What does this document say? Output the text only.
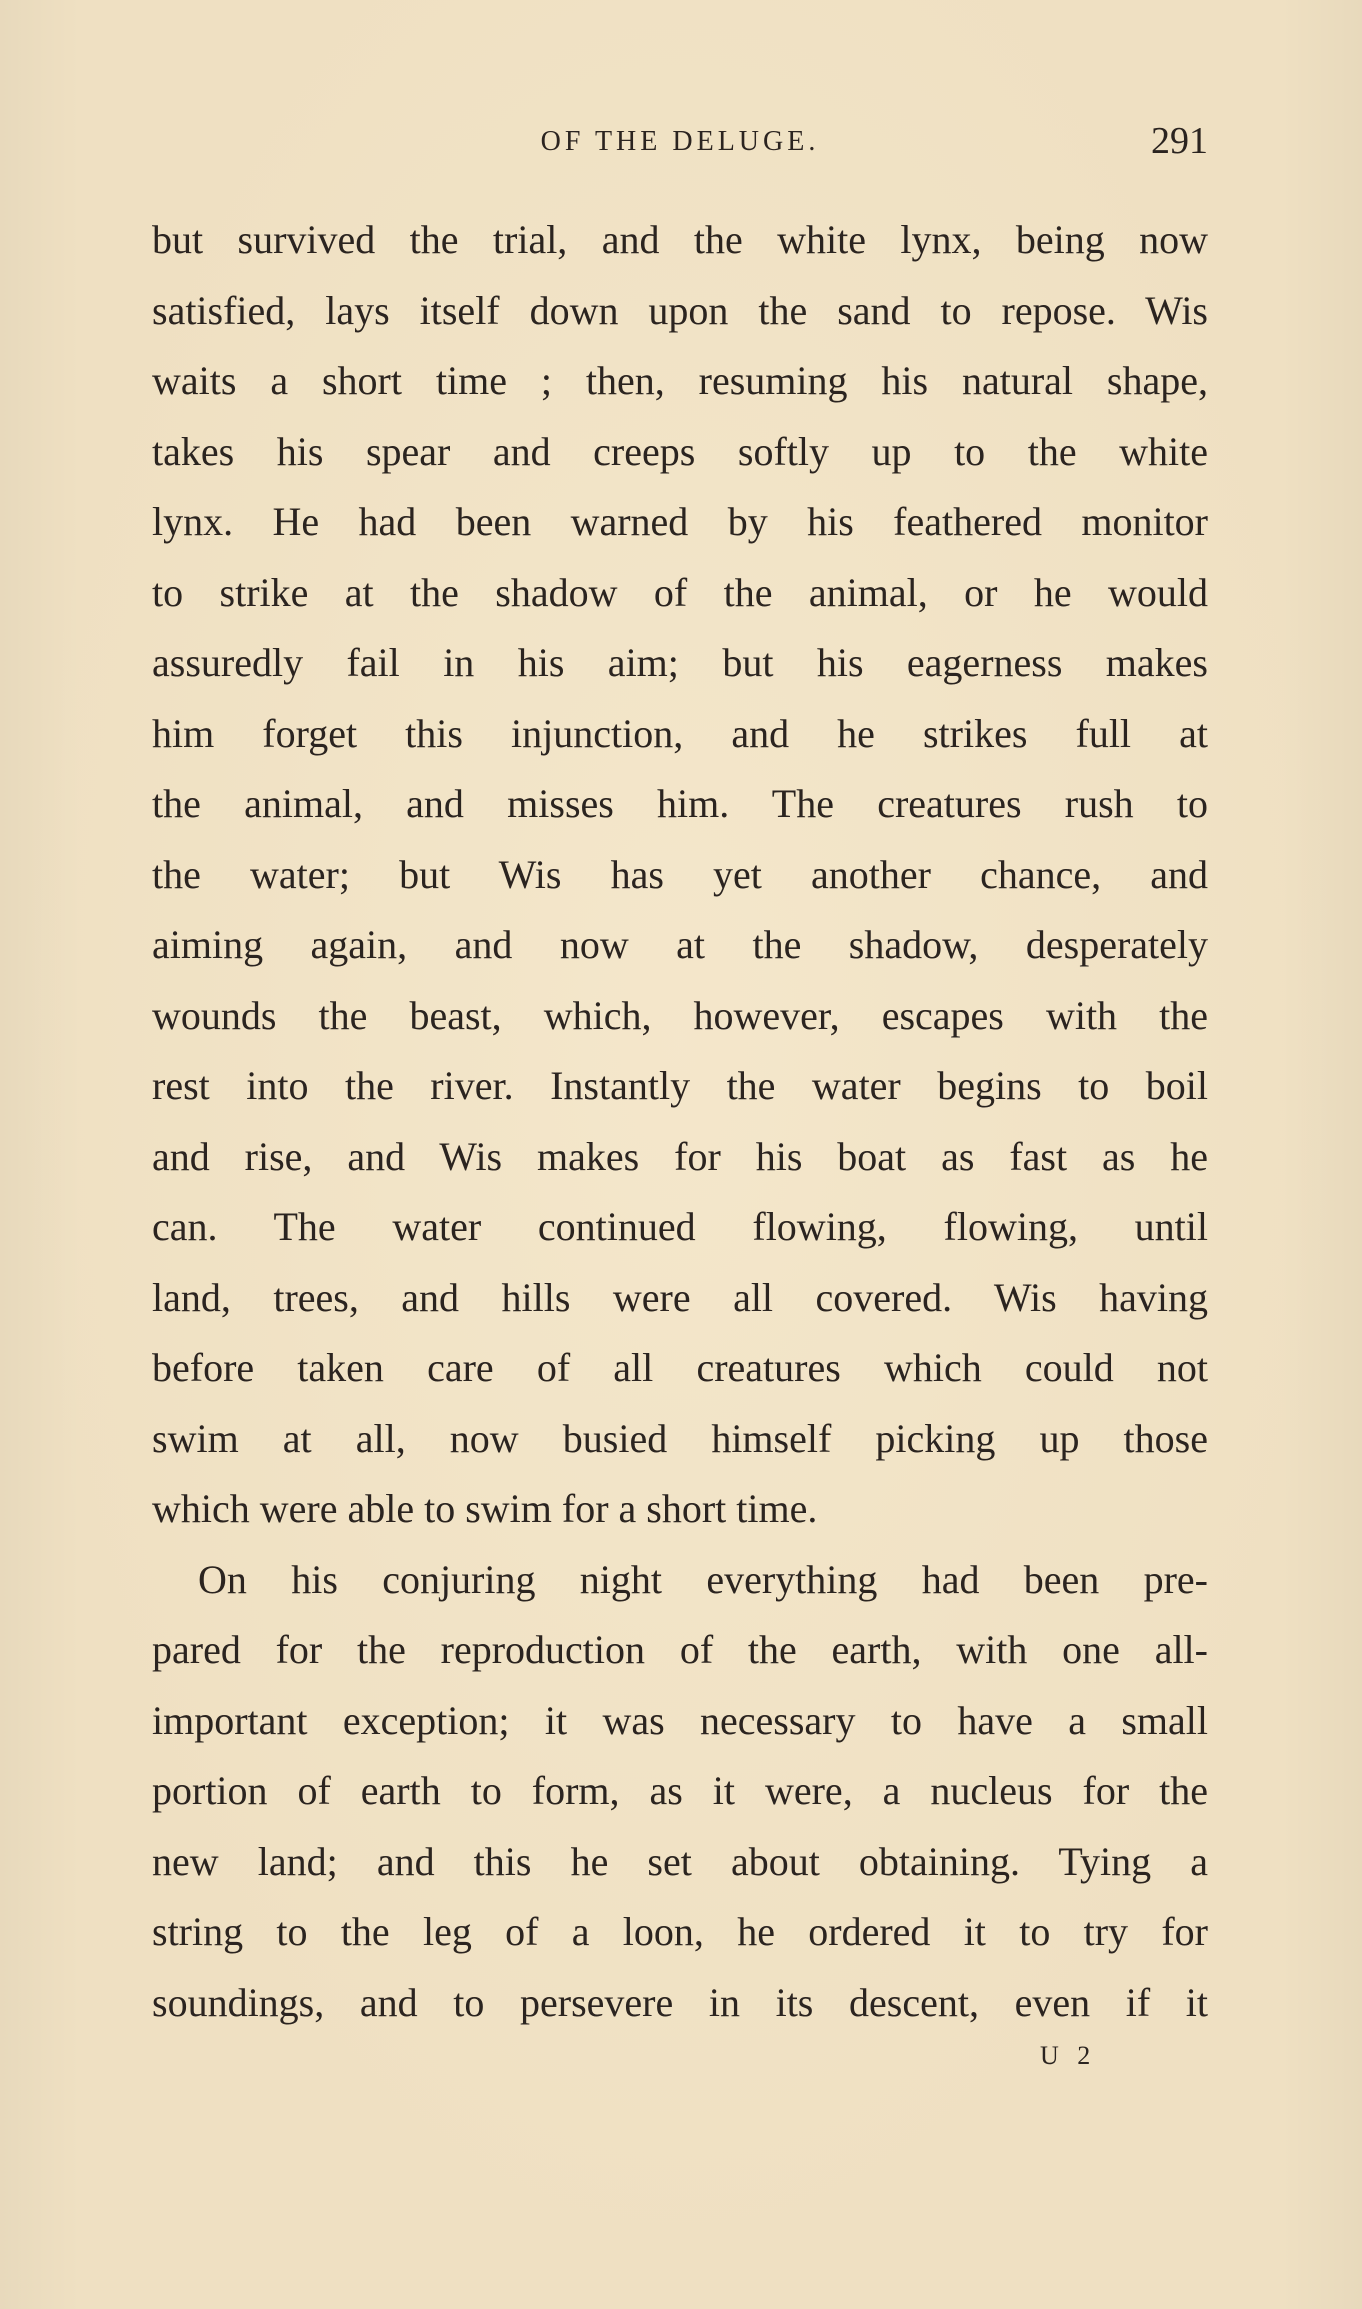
OF THE DELUGE.	291
but survived the trial, and the white lynx, being now
satisfied, lays itself down upon the sand to repose. Wis
waits a short time ; then, resuming his natural shape,
takes his spear and creeps softly up to the white
lynx. He had been warned by his feathered monitor
to strike at the shadow of the animal, or he would
assuredly fail in his aim; but his eagerness makes
him forget this injunction, and he strikes full at
the animal, and misses him. The creatures rush to
the water; but Wis has yet another chance, and
aiming again, and now at the shadow, desperately
wounds the beast, which, however, escapes with the
rest into the river. Instantly the water begins to boil
and rise, and Wis makes for his boat as fast as he
can. The water continued flowing, flowing, until
land, trees, and hills were all covered. Wis having
before taken care of all creatures which could not
swim at all, now busied himself picking up those
which were able to swim for a short time.
On his conjuring night everything had been pre-
pared for the reproduction of the earth, with one all-
important exception; it was necessary to have a small
portion of earth to form, as it were, a nucleus for the
new land; and this he set about obtaining. Tying a
string to the leg of a loon, he ordered it to try for
soundings, and to persevere in its descent, even if it
U 2
